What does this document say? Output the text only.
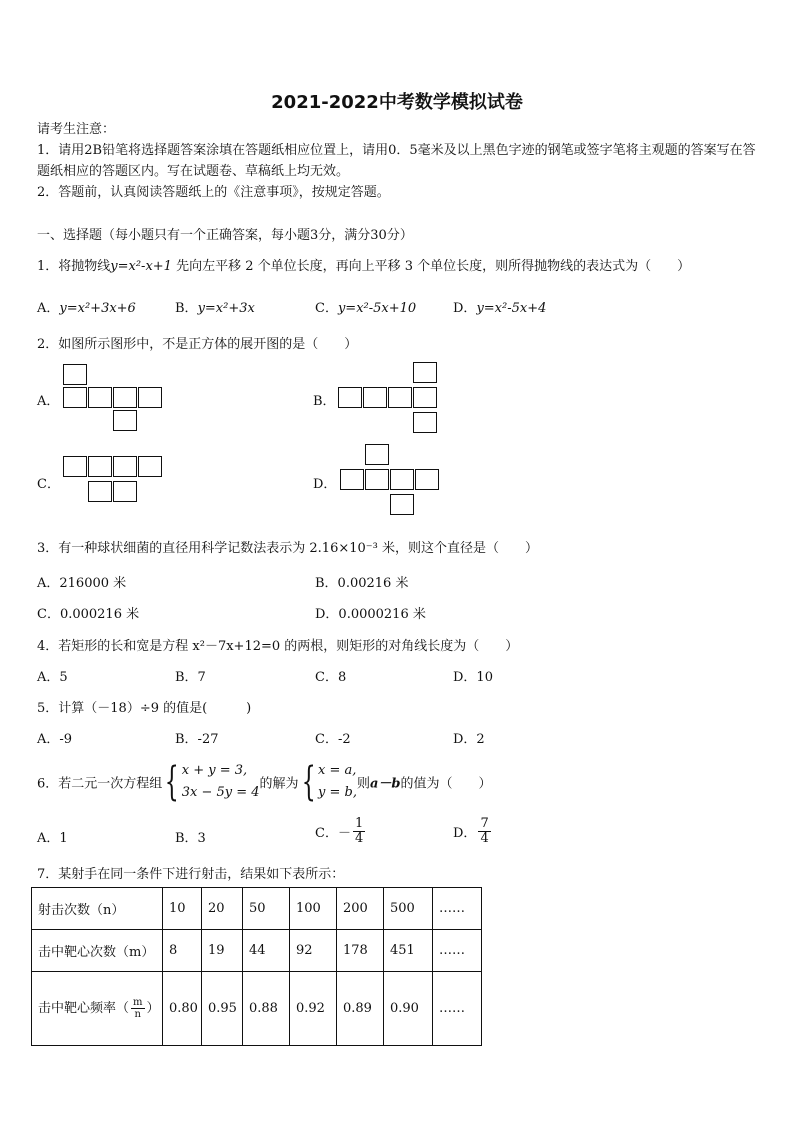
2021-2022中考数学模拟试卷
请考生注意：
1．请用2B铅笔将选择题答案涂填在答题纸相应位置上，请用0．5毫米及以上黑色字迹的钢笔或签字笔将主观题的答案写在答题纸相应的答题区内。写在试题卷、草稿纸上均无效。
2．答题前，认真阅读答题纸上的《注意事项》，按规定答题。
一、选择题（每小题只有一个正确答案，每小题3分，满分30分）
1．将抛物线y=x²-x+1 先向左平移 2 个单位长度，再向上平移 3 个单位长度，则所得抛物线的表达式为（　　）
A．y=x²+3x+6	B．y=x²+3x	C．y=x²-5x+10	D．y=x²-5x+4
2．如图所示图形中，不是正方体的展开图的是（　　）
A．	B．
C．	D．
3．有一种球状细菌的直径用科学记数法表示为 2.16×10⁻³ 米，则这个直径是（　　）
A．216000 米	B．0.00216 米
C．0.000216 米	D．0.0000216 米
4．若矩形的长和宽是方程 x²－7x+12=0 的两根，则矩形的对角线长度为（　　）
A．5	B．7	C．8	D．10
5．计算（－18）÷9 的值是(　　　)
A．-9	B．-27	C．-2	D．2
6．若二元一次方程组{ x + y = 3,
3x − 5y = 4
的解为{ x = a,
y = b,
则a－b的值为（　　）
A．1	B．3	C．－ $\frac{1}{4}$	D． $\frac{7}{4}$
7．某射手在同一条件下进行射击，结果如下表所示：
射击次数（n）	10	20	50	100	200	500	……
击中靶心次数（m）	8	19	44	92	178	451	……
击中靶心频率（ $\frac{m}{n}$ ）	0.80	0.95	0.88	0.92	0.89	0.90	……
